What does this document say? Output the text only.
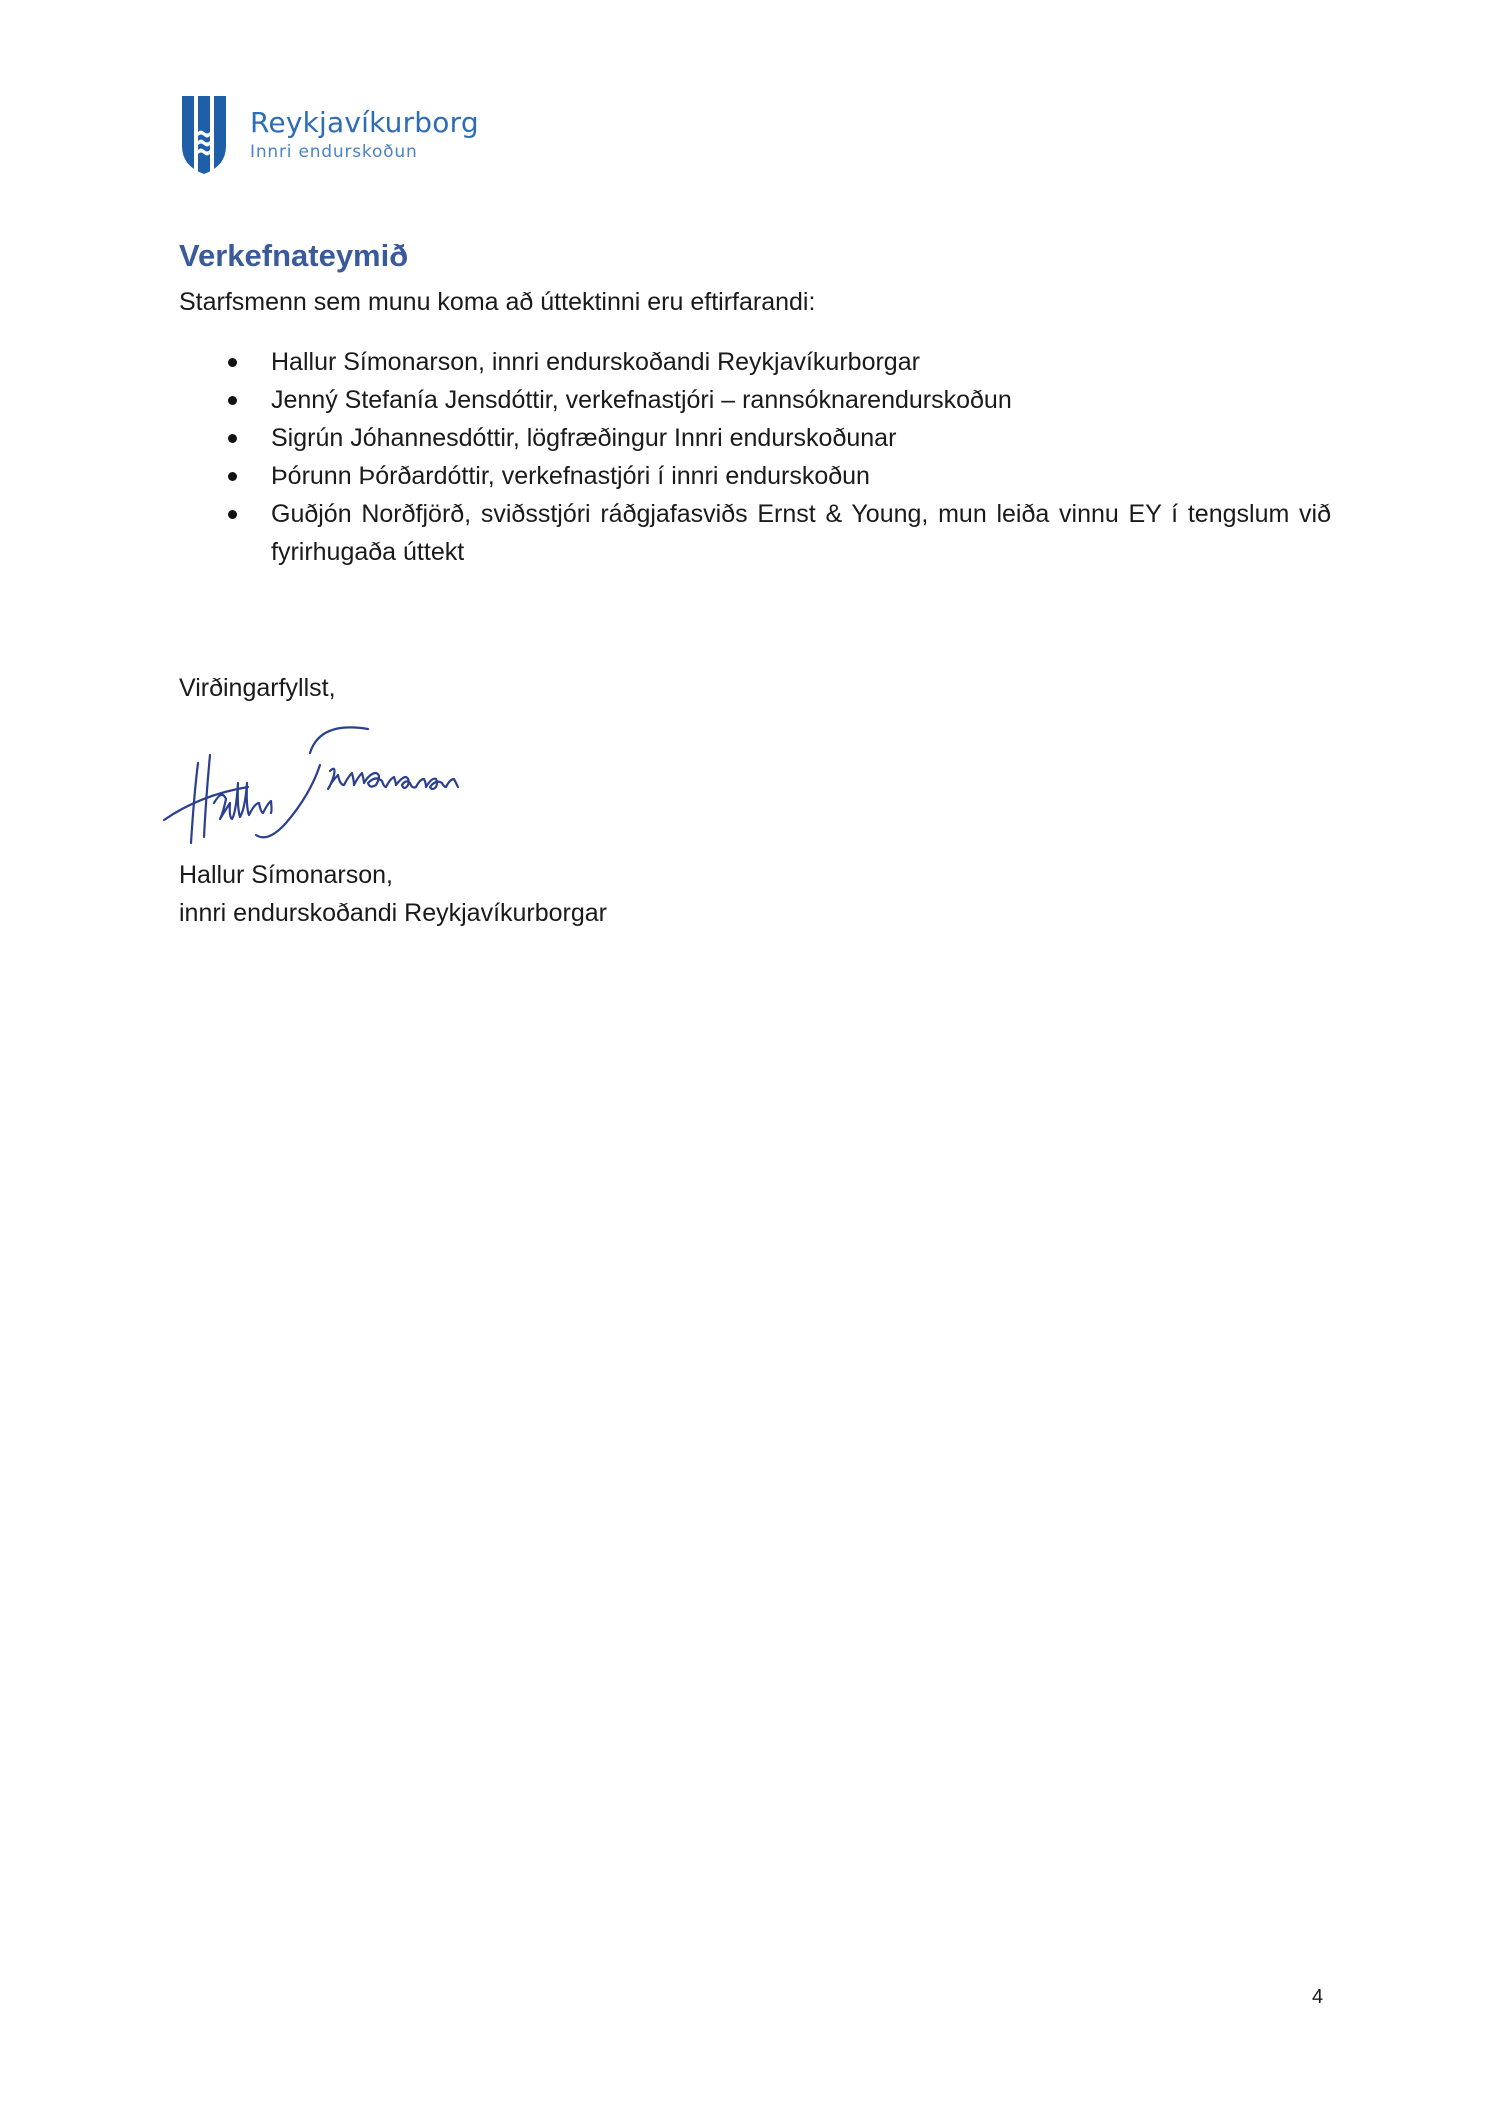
Reykjavíkurborg
Innri endurskoðun
Verkefnateymið

Starfsmenn sem munu koma að úttektinni eru eftirfarandi:

Hallur Símonarson, innri endurskoðandi Reykjavíkurborgar
Jenný Stefanía Jensdóttir, verkefnastjóri – rannsóknarendurskoðun
Sigrún Jóhannesdóttir, lögfræðingur Innri endurskoðunar
Þórunn Þórðardóttir, verkefnastjóri í innri endurskoðun
Guðjón Norðfjörð, sviðsstjóri ráðgjafasviðs Ernst & Young, mun leiða vinnu EY í tengslum við fyrirhugaða úttekt

Virðingarfyllst,

Hallur Símonarson,
innri endurskoðandi Reykjavíkurborgar
4
